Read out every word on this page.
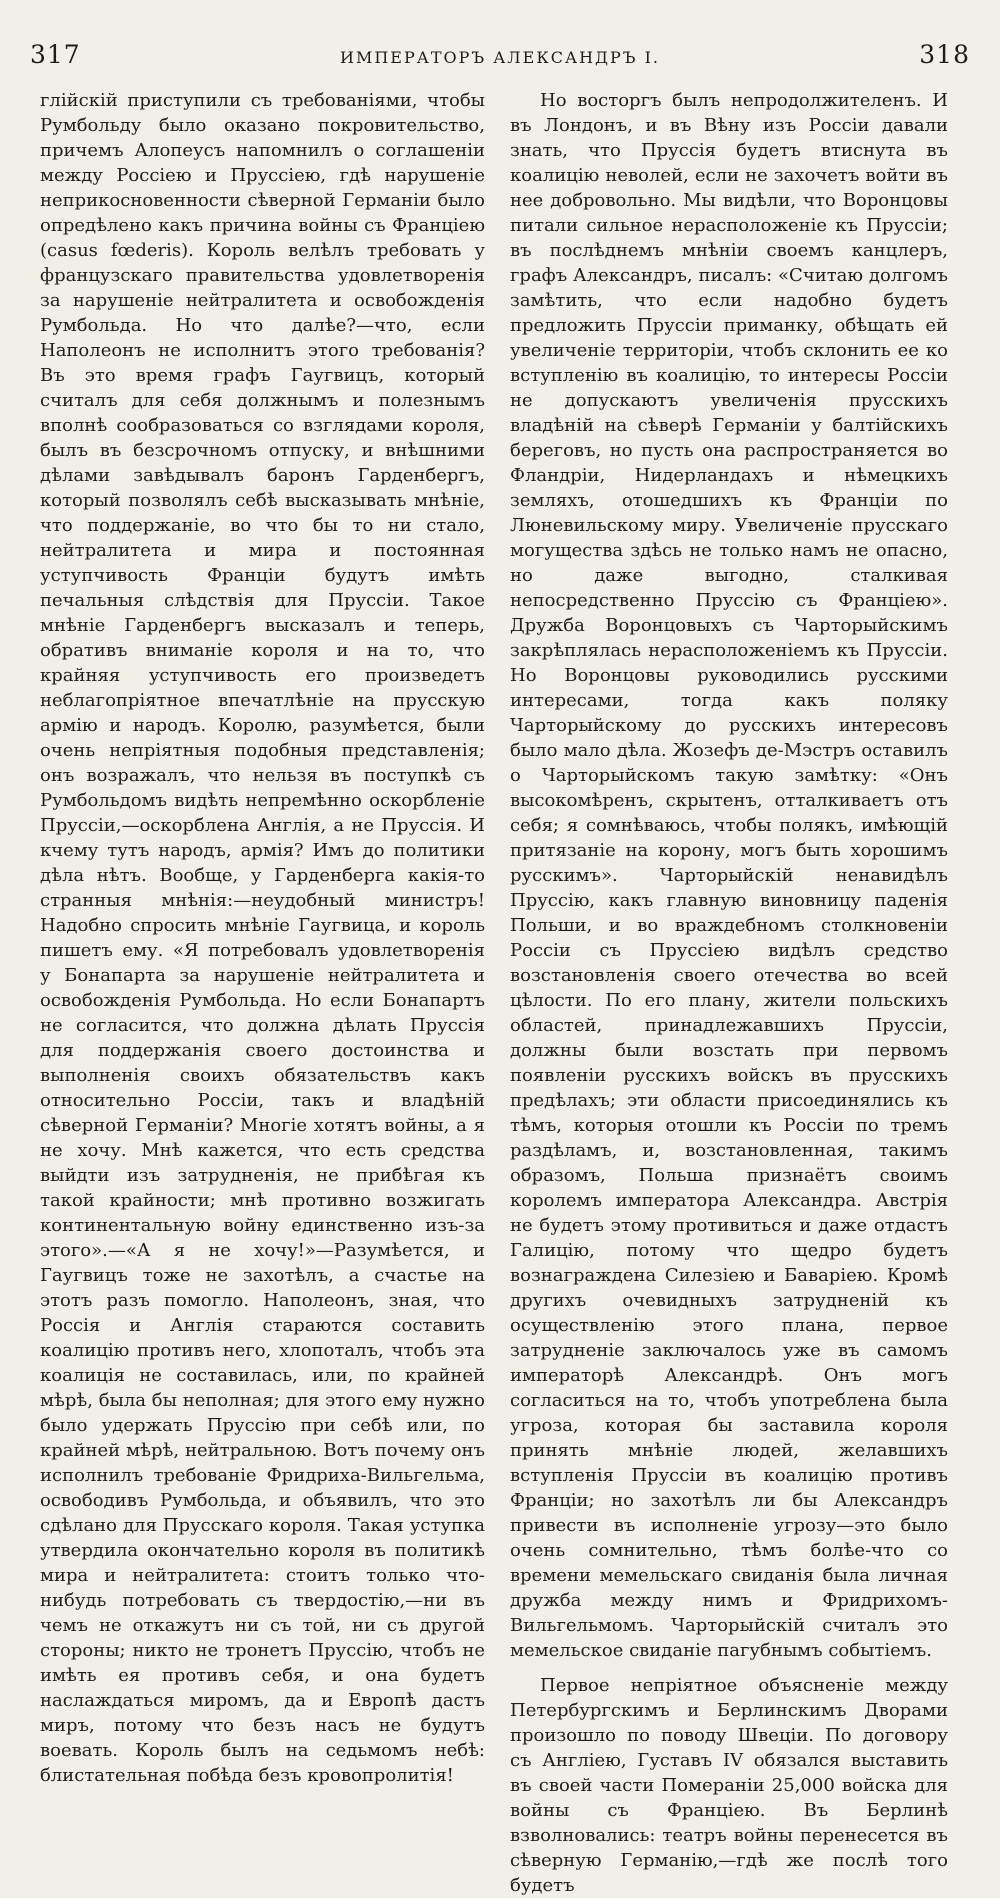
317	ИМПЕРАТОРЪ АЛЕКСАНДРЪ I.	318

глійскій приступили съ требованіями, чтобы Румбольду было оказано покровительство, причемъ Алопеусъ напомнилъ о соглашеніи между Россіею и Пруссіею, гдѣ нарушеніе неприкосновенности сѣверной Германіи было опредѣлено какъ причина войны съ Франціею (casus fœderis). Король велѣлъ требовать у французскаго правительства удовлетворенія за нарушеніе нейтралитета и освобожденія Румбольда. Но что далѣе?—что, если Наполеонъ не исполнитъ этого требованія? Въ это время графъ Гаугвицъ, который считалъ для себя должнымъ и полезнымъ вполнѣ сообразоваться со взглядами короля, былъ въ безсрочномъ отпуску, и внѣшними дѣлами завѣдывалъ баронъ Гарденбергъ, который позволялъ себѣ высказывать мнѣніе, что поддержаніе, во что бы то ни стало, нейтралитета и мира и постоянная уступчивость Франціи будутъ имѣть печальныя слѣдствія для Пруссіи. Такое мнѣніе Гарденбергъ высказалъ и теперь, обративъ вниманіе короля и на то, что крайняя уступчивость его произведетъ неблагопріятное впечатлѣніе на прусскую армію и народъ. Королю, разумѣется, были очень непріятныя подобныя представленія; онъ возражалъ, что нельзя въ поступкѣ съ Румбольдомъ видѣть непремѣнно оскорбленіе Пруссіи,—оскорблена Англія, а не Пруссія. И кчему тутъ народъ, армія? Имъ до политики дѣла нѣтъ. Вообще, у Гарденберга какія-то странныя мнѣнія:—неудобный министръ! Надобно спросить мнѣніе Гаугвица, и король пишетъ ему. «Я потребовалъ удовлетворенія у Бонапарта за нарушеніе нейтралитета и освобожденія Румбольда. Но если Бонапартъ не согласится, что должна дѣлать Пруссія для поддержанія своего достоинства и выполненія своихъ обязательствъ какъ относительно Россіи, такъ и владѣній сѣверной Германіи? Многіе хотятъ войны, а я не хочу. Мнѣ кажется, что есть средства выйдти изъ затрудненія, не прибѣгая къ такой крайности; мнѣ противно возжигать континентальную войну единственно изъ-за этого».—«А я не хочу!»—Разумѣется, и Гаугвицъ тоже не захотѣлъ, а счастье на этотъ разъ помогло. Наполеонъ, зная, что Россія и Англія стараются составить коалицію противъ него, хлопоталъ, чтобъ эта коалиція не составилась, или, по крайней мѣрѣ, была бы неполная; для этого ему нужно было удержать Пруссію при себѣ или, по крайней мѣрѣ, нейтральною. Вотъ почему онъ исполнилъ требованіе Фридриха-Вильгельма, освободивъ Румбольда, и объявилъ, что это сдѣлано для Прусскаго короля. Такая уступка утвердила окончательно короля въ политикѣ мира и нейтралитета: стоитъ только что-нибудь потребовать съ твердостію,—ни въ чемъ не откажутъ ни съ той, ни съ другой стороны; никто не тронетъ Пруссію, чтобъ не имѣть ея противъ себя, и она будетъ наслаждаться миромъ, да и Европѣ дастъ миръ, потому что безъ насъ не будутъ воевать. Король былъ на седьмомъ небѣ: блистательная побѣда безъ кровопролитія!

Но восторгъ былъ непродолжителенъ. И въ Лондонъ, и въ Вѣну изъ Россіи давали знать, что Пруссія будетъ втиснута въ коалицію неволей, если не захочетъ войти въ нее добровольно. Мы видѣли, что Воронцовы питали сильное нерасположеніе къ Пруссіи; въ послѣднемъ мнѣніи своемъ канцлеръ, графъ Александръ, писалъ: «Считаю долгомъ замѣтить, что если надобно будетъ предложить Пруссіи приманку, обѣщать ей увеличеніе территоріи, чтобъ склонить ее ко вступленію въ коалицію, то интересы Россіи не допускаютъ увеличенія прусскихъ владѣній на сѣверѣ Германіи у балтійскихъ береговъ, но пусть она распространяется во Фландріи, Нидерландахъ и нѣмецкихъ земляхъ, отошедшихъ къ Франціи по Люневильскому миру. Увеличеніе прусскаго могущества здѣсь не только намъ не опасно, но даже выгодно, сталкивая непосредственно Пруссію съ Франціею». Дружба Воронцовыхъ съ Чарторыйскимъ закрѣплялась нерасположеніемъ къ Пруссіи. Но Воронцовы руководились русскими интересами, тогда какъ поляку Чарторыйскому до русскихъ интересовъ было мало дѣла. Жозефъ де-Мэстръ оставилъ о Чарторыйскомъ такую замѣтку: «Онъ высокомѣренъ, скрытенъ, отталкиваетъ отъ себя; я сомнѣваюсь, чтобы полякъ, имѣющій притязаніе на корону, могъ быть хорошимъ русскимъ». Чарторыйскій ненавидѣлъ Пруссію, какъ главную виновницу паденія Польши, и во враждебномъ столкновеніи Россіи съ Пруссіею видѣлъ средство возстановленія своего отечества во всей цѣлости. По его плану, жители польскихъ областей, принадлежавшихъ Пруссіи, должны были возстать при первомъ появленіи русскихъ войскъ въ прусскихъ предѣлахъ; эти области присоединялись къ тѣмъ, которыя отошли къ Россіи по тремъ раздѣламъ, и, возстановленная, такимъ образомъ, Польша признаётъ своимъ королемъ императора Александра. Австрія не будетъ этому противиться и даже отдастъ Галицію, потому что щедро будетъ вознаграждена Силезіею и Баваріею. Кромѣ другихъ очевидныхъ затрудненій къ осуществленію этого плана, первое затрудненіе заключалось уже въ самомъ императорѣ Александрѣ. Онъ могъ согласиться на то, чтобъ употреблена была угроза, которая бы заставила короля принять мнѣніе людей, желавшихъ вступленія Пруссіи въ коалицію противъ Франціи; но захотѣлъ ли бы Александръ привести въ исполненіе угрозу—это было очень сомнительно, тѣмъ болѣе-что со времени мемельскаго свиданія была личная дружба между нимъ и Фридрихомъ-Вильгельмомъ. Чарторыйскій считалъ это мемельское свиданіе пагубнымъ событіемъ.

Первое непріятное объясненіе между Петербургскимъ и Берлинскимъ Дворами произошло по поводу Швеціи. По договору съ Англіею, Густавъ IV обязался выставить въ своей части Помераніи 25,000 войска для войны съ Франціею. Въ Берлинѣ взволновались: театръ войны перенесется въ сѣверную Германію,—гдѣ же послѣ того будетъ
